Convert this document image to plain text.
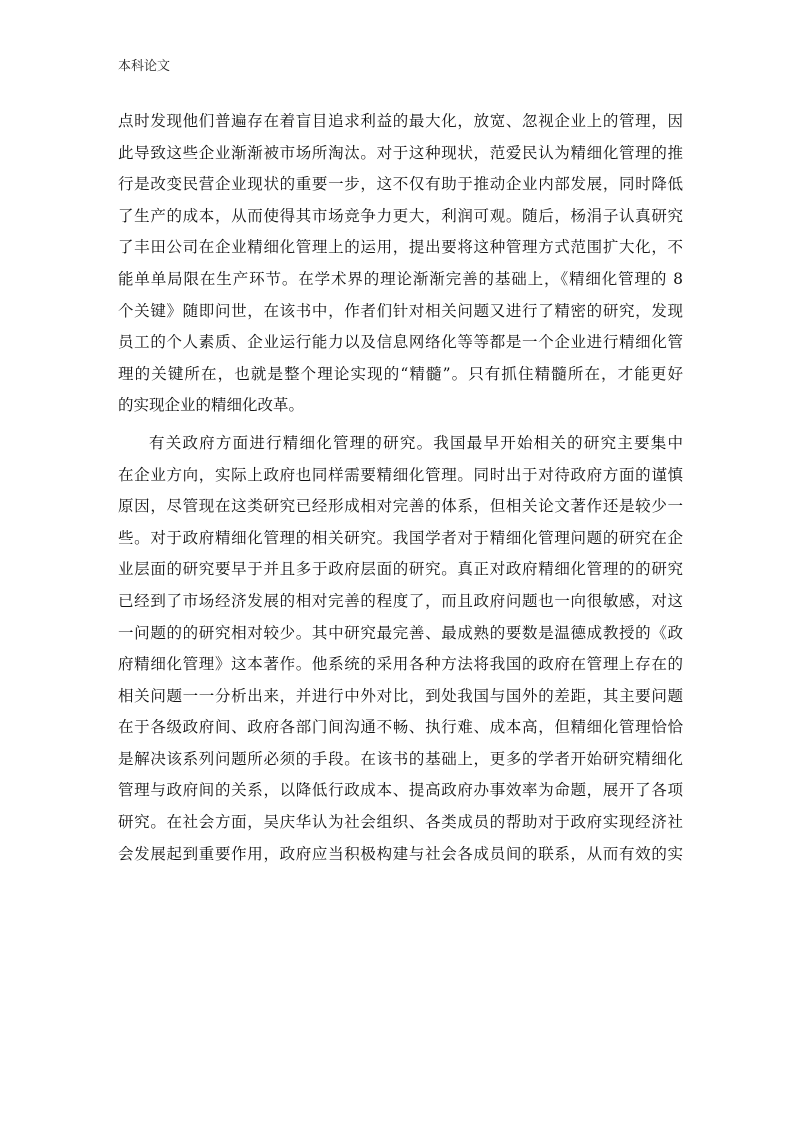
本科论文
点时发现他们普遍存在着盲目追求利益的最大化，放宽、忽视企业上的管理，因
此导致这些企业渐渐被市场所淘汰。对于这种现状，范爱民认为精细化管理的推
行是改变民营企业现状的重要一步，这不仅有助于推动企业内部发展，同时降低
了生产的成本，从而使得其市场竞争力更大，利润可观。随后，杨涓子认真研究
了丰田公司在企业精细化管理上的运用，提出要将这种管理方式范围扩大化，不
能单单局限在生产环节。在学术界的理论渐渐完善的基础上，《精细化管理的 8
个关键》随即问世，在该书中，作者们针对相关问题又进行了精密的研究，发现
员工的个人素质、企业运行能力以及信息网络化等等都是一个企业进行精细化管
理的关键所在，也就是整个理论实现的“精髓”。只有抓住精髓所在，才能更好
的实现企业的精细化改革。
有关政府方面进行精细化管理的研究。我国最早开始相关的研究主要集中
在企业方向，实际上政府也同样需要精细化管理。同时出于对待政府方面的谨慎
原因，尽管现在这类研究已经形成相对完善的体系，但相关论文著作还是较少一
些。对于政府精细化管理的相关研究。我国学者对于精细化管理问题的研究在企
业层面的研究要早于并且多于政府层面的研究。真正对政府精细化管理的的研究
已经到了市场经济发展的相对完善的程度了，而且政府问题也一向很敏感，对这
一问题的的研究相对较少。其中研究最完善、最成熟的要数是温德成教授的《政
府精细化管理》这本著作。他系统的采用各种方法将我国的政府在管理上存在的
相关问题一一分析出来，并进行中外对比，到处我国与国外的差距，其主要问题
在于各级政府间、政府各部门间沟通不畅、执行难、成本高，但精细化管理恰恰
是解决该系列问题所必须的手段。在该书的基础上，更多的学者开始研究精细化
管理与政府间的关系，以降低行政成本、提高政府办事效率为命题，展开了各项
研究。在社会方面，吴庆华认为社会组织、各类成员的帮助对于政府实现经济社
会发展起到重要作用，政府应当积极构建与社会各成员间的联系，从而有效的实
